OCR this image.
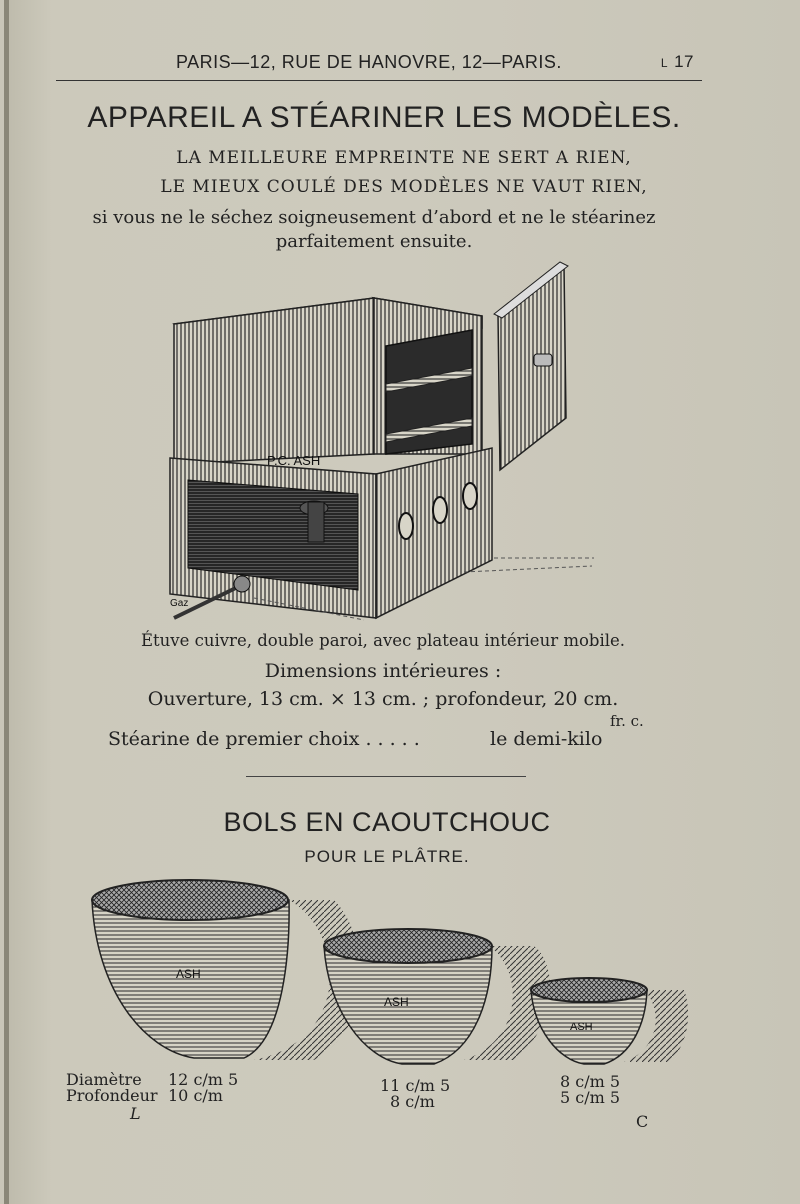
PARIS—12, RUE DE HANOVRE, 12—PARIS.	L 17
APPAREIL A STÉARINER LES MODÈLES.
LA MEILLEURE EMPREINTE NE SERT A RIEN,
LE MIEUX COULÉ DES MODÈLES NE VAUT RIEN,
si vous ne le séchez soigneusement d’abord et ne le stéarinez
parfaitement ensuite.
P.C. ASH
Gaz
Étuve cuivre, double paroi, avec plateau intérieur mobile.
Dimensions intérieures :
Ouverture, 13 cm. × 13 cm. ; profondeur, 20 cm.
fr. c.
Stéarine de premier choix . . . . .	le demi-kilo
BOLS EN CAOUTCHOUC
POUR LE PLÂTRE.
ASH
ASH
ASH
Diamètre
Profondeur
12 c/m 5
10 c/m
L
11 c/m 5
8 c/m
8 c/m 5
5 c/m 5
C
